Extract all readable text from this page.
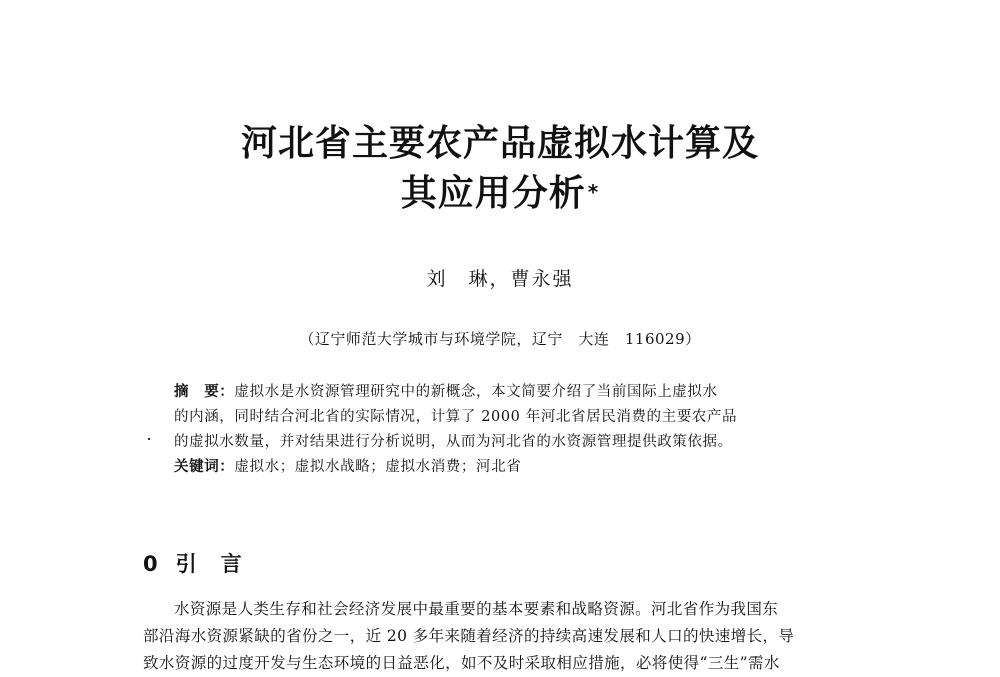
河北省主要农产品虚拟水计算及
其应用分析 *
刘　琳，曹永强
（辽宁师范大学城市与环境学院，辽宁　大连　116029）
摘　要：虚拟水是水资源管理研究中的新概念，本文简要介绍了当前国际上虚拟水
的内涵，同时结合河北省的实际情况，计算了 2000 年河北省居民消费的主要农产品
的虚拟水数量，并对结果进行分析说明，从而为河北省的水资源管理提供政策依据。
关键词：虚拟水；虚拟水战略；虚拟水消费；河北省
0 引 言
水资源是人类生存和社会经济发展中最重要的基本要素和战略资源。河北省作为我国东
部沿海水资源紧缺的省份之一，近 20 多年来随着经济的持续高速发展和人口的快速增长，导
致水资源的过度开发与生态环境的日益恶化，如不及时采取相应措施，必将使得“三生”需水
